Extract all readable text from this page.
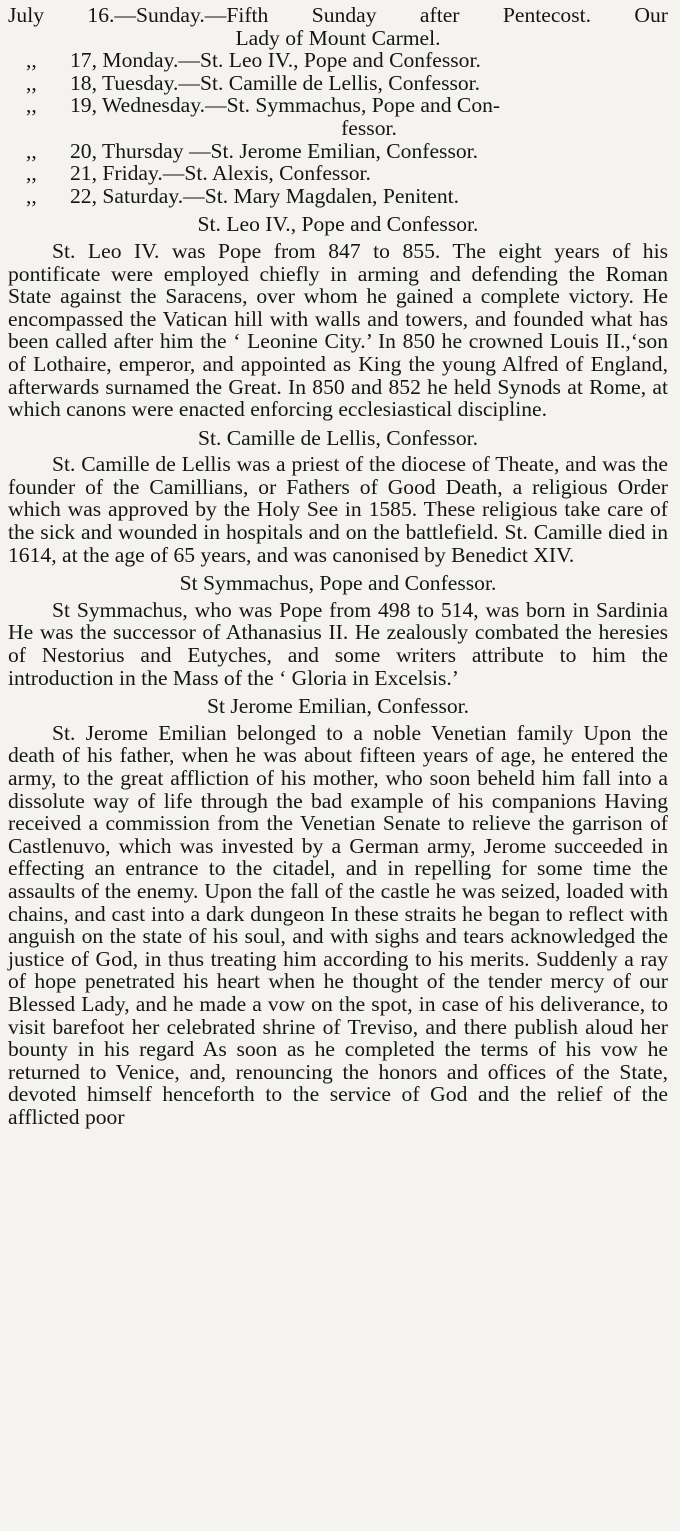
July 16.—Sunday.—Fifth Sunday after Pentecost. Our
Lady of Mount Carmel.
,,	17, Monday.—St. Leo IV., Pope and Confessor.
,,	18, Tuesday.—St. Camille de Lellis, Confessor.
,,	19, Wednesday.—St. Symmachus, Pope and Con-
fessor.
,,	20, Thursday —St. Jerome Emilian, Confessor.
,,	21, Friday.—St. Alexis, Confessor.
,,	22, Saturday.—St. Mary Magdalen, Penitent.
St. Leo IV., Pope and Confessor.

St. Leo IV. was Pope from 847 to 855. The eight years of his pontificate were employed chiefly in arming and defending the Roman State against the Saracens, over whom he gained a complete victory. He encompassed the Vatican hill with walls and towers, and founded what has been called after him the ‘ Leonine City.’ In 850 he crowned Louis II.,‘son of Lothaire, emperor, and appointed as King the young Alfred of England, afterwards surnamed the Great. In 850 and 852 he held Synods at Rome, at which canons were enacted enforcing ecclesiastical discipline.

St. Camille de Lellis, Confessor.

St. Camille de Lellis was a priest of the diocese of Theate, and was the founder of the Camillians, or Fathers of Good Death, a religious Order which was approved by the Holy See in 1585. These religious take care of the sick and wounded in hospitals and on the battlefield. St. Camille died in 1614, at the age of 65 years, and was canonised by Benedict XIV.

St Symmachus, Pope and Confessor.

St Symmachus, who was Pope from 498 to 514, was born in Sardinia He was the successor of Athanasius II. He zealously combated the heresies of Nestorius and Eutyches, and some writers attribute to him the introduction in the Mass of the ‘ Gloria in Excelsis.’

St Jerome Emilian, Confessor.

St. Jerome Emilian belonged to a noble Venetian family Upon the death of his father, when he was about fifteen years of age, he entered the army, to the great affliction of his mother, who soon beheld him fall into a dissolute way of life through the bad example of his companions Having received a commission from the Venetian Senate to relieve the garrison of Castlenuvo, which was invested by a German army, Jerome succeeded in effecting an entrance to the citadel, and in repelling for some time the assaults of the enemy. Upon the fall of the castle he was seized, loaded with chains, and cast into a dark dungeon In these straits he began to reflect with anguish on the state of his soul, and with sighs and tears acknowledged the justice of God, in thus treating him according to his merits. Suddenly a ray of hope penetrated his heart when he thought of the tender mercy of our Blessed Lady, and he made a vow on the spot, in case of his deliverance, to visit barefoot her celebrated shrine of Treviso, and there publish aloud her bounty in his regard As soon as he completed the terms of his vow he returned to Venice, and, renouncing the honors and offices of the State, devoted himself henceforth to the service of God and the relief of the afflicted poor
